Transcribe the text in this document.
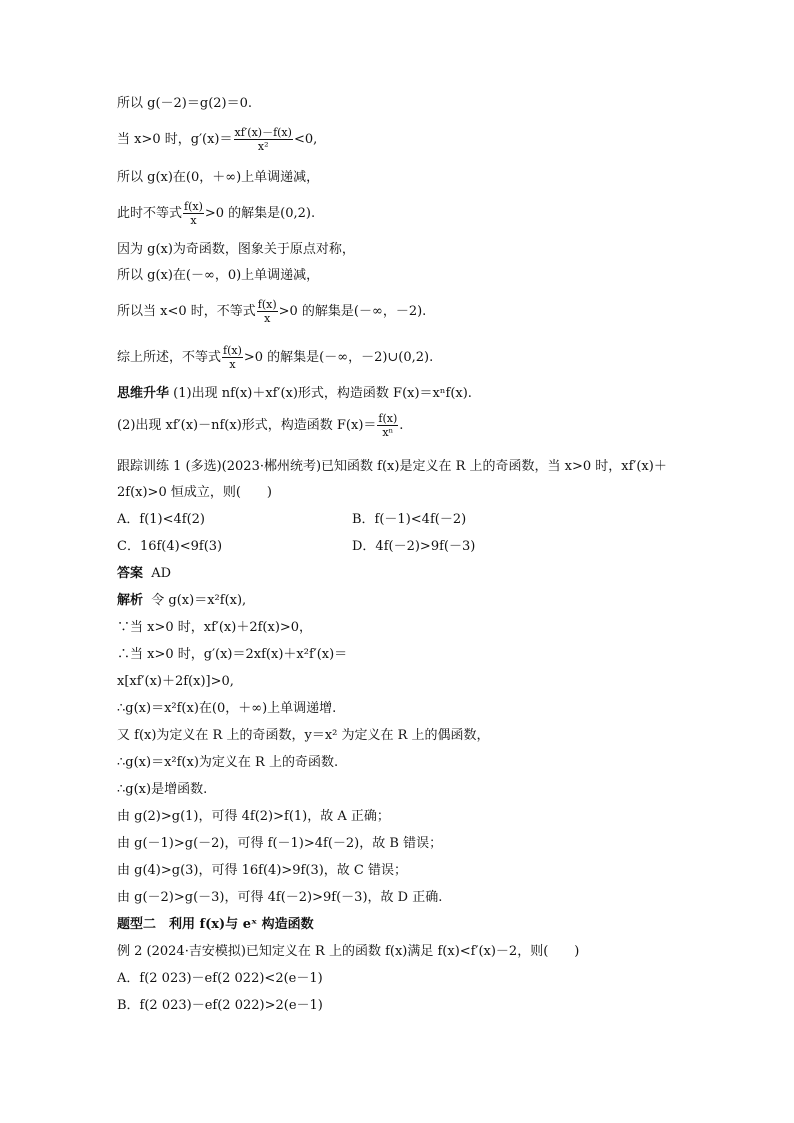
所以 g(－2)＝g(2)＝0.
当 x>0 时，$g'(x)= \frac{xf'(x)-f(x)}{\text{x²}} <0$,
所以 g(x)在(0，＋∞)上单调递减，
此时不等式 $\frac{f(x)}{x} >0$ 的解集是(0,2).
因为 g(x)为奇函数，图象关于原点对称，
所以 g(x)在(－∞，0)上单调递减，
所以当 x<0 时，不等式 $\frac{f(x)}{x} >0$ 的解集是(－∞，－2).
综上所述，不等式 $\frac{f(x)}{x} >0$ 的解集是(－∞，－2)∪(0,2).
思维升华 (1)出现 nf(x)＋xf′(x)形式，构造函数 F(x)＝xⁿf(x).
(2)出现 xf′(x)－nf(x)形式，构造函数 $F(x)= \frac{f(x)}{\text{xⁿ}}$ .
跟踪训练 1 (多选)(2023·郴州统考)已知函数 f(x)是定义在 R 上的奇函数，当 x>0 时，xf′(x)＋
2f(x)>0 恒成立，则(　　)
A．f(1)<4f(2)	B．f(－1)<4f(－2)
C．16f(4)<9f(3)	D．4f(－2)>9f(－3)
答案 AD
解析 令 g(x)＝x²f(x),
∵当 x>0 时，xf′(x)＋2f(x)>0，
∴当 x>0 时，g′(x)＝2xf(x)＋x²f′(x)＝
x[xf′(x)＋2f(x)]>0,
∴g(x)＝x²f(x)在(0，＋∞)上单调递增.
又 f(x)为定义在 R 上的奇函数，y＝x² 为定义在 R 上的偶函数，
∴g(x)＝x²f(x)为定义在 R 上的奇函数.
∴g(x)是增函数.
由 g(2)>g(1)，可得 4f(2)>f(1)，故 A 正确；
由 g(－1)>g(－2)，可得 f(－1)>4f(－2)，故 B 错误；
由 g(4)>g(3)，可得 16f(4)>9f(3)，故 C 错误；
由 g(－2)>g(－3)，可得 4f(－2)>9f(－3)，故 D 正确.
题型二　利用 f(x)与 eˣ 构造函数
例 2 (2024·吉安模拟)已知定义在 R 上的函数 f(x)满足 f(x)<f′(x)－2，则(　　)
A．f(2 023)－ef(2 022)<2(e－1)
B．f(2 023)－ef(2 022)>2(e－1)
